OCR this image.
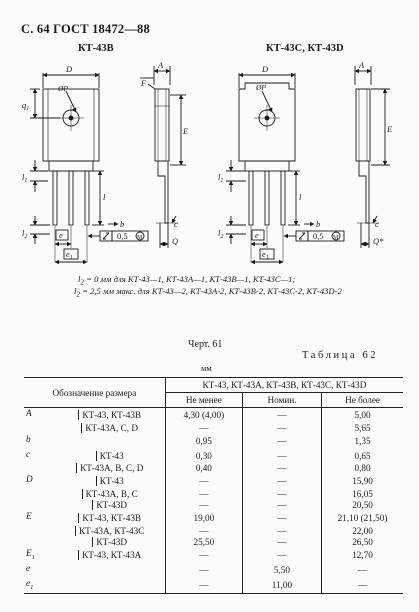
С. 64 ГОСТ 18472—88
КТ-43В	КТ-43С, КТ-43D
D
ØP
$q_1$
$l_1$
l
$l_2$	e
$e_1$
0,5 M
b
A
F
E
c
Q
D
ØP
$l_1$
l
$l_2$	e
$e_1$
0,5 M
b
A
E
c
Q*
$l_2 = 0$ мм для КТ-43—1, КТ-43А—1, КТ-43В—1, КТ-43С—1;
$l_2 = 2,5$ мм макс. для КТ-43—2, КТ-43А-2, КТ-43В-2, КТ-43С-2, КТ-43D-2
Черт. 61
Таблица 62
мм
Обозначение размера		КТ-43, КТ-43А, КТ-43В, КТ-43С, КТ-43D		
		Не менее	Номин.	Не более
A	КТ-43, КТ-43В	4,30 (4,00)	—	5,00
	КТ-43А, С, D	—	—	5,65
b		0,95	—	1,35
c	КТ-43	0,30	—	0,65
	КТ-43А, В, С, D	0,40	—	0,80
D	КТ-43	—	—	15,90
	КТ-43А, В, С	—	—	16,05
	КТ-43D	—	—	20,50
E	КТ-43, КТ-43В	19,00	—	21,10 (21,50)
	КТ-43А, КТ-43С	—	—	22,00
	КТ-43D	25,50	—	26,50
$E_1$	КТ-43, КТ-43А	—	—	12,70
e		—	5,50	—
$e_1$		—	11,00	—
